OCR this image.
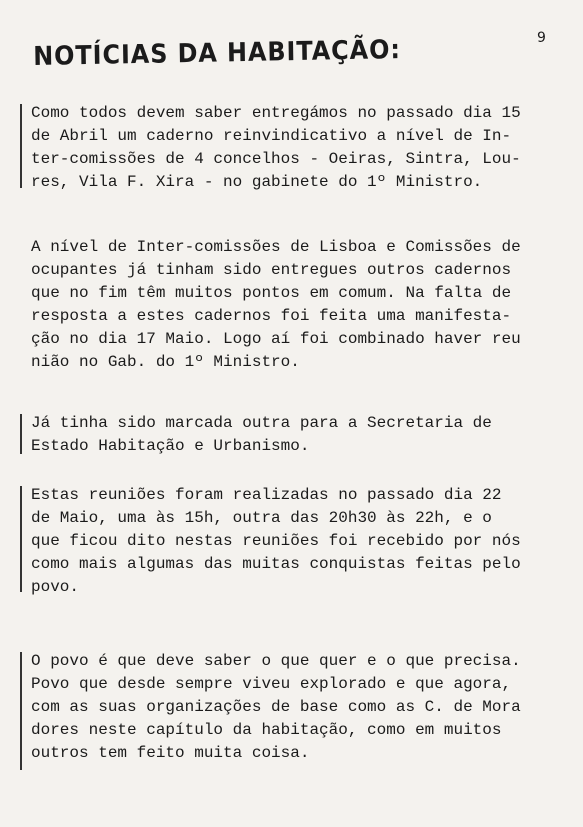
NOTÍCIAS DA HABITAÇÃO:	9
Como todos devem saber entregámos no passado dia 15
de Abril um caderno reinvindicativo a nível de In-
ter-comissões de 4 concelhos - Oeiras, Sintra, Lou-
res, Vila F. Xira - no gabinete do 1º Ministro.
A nível de Inter-comissões de Lisboa e Comissões de
ocupantes já tinham sido entregues outros cadernos
que no fim têm muitos pontos em comum. Na falta de
resposta a estes cadernos foi feita uma manifesta-
ção no dia 17 Maio. Logo aí foi combinado haver reu
nião no Gab. do 1º Ministro.
Já tinha sido marcada outra para a Secretaria de
Estado Habitação e Urbanismo.
Estas reuniões foram realizadas no passado dia 22
de Maio, uma às 15h, outra das 20h30 às 22h, e o
que ficou dito nestas reuniões foi recebido por nós
como mais algumas das muitas conquistas feitas pelo
povo.
O povo é que deve saber o que quer e o que precisa.
Povo que desde sempre viveu explorado e que agora,
com as suas organizações de base como as C. de Mora
dores neste capítulo da habitação, como em muitos
outros tem feito muita coisa.
